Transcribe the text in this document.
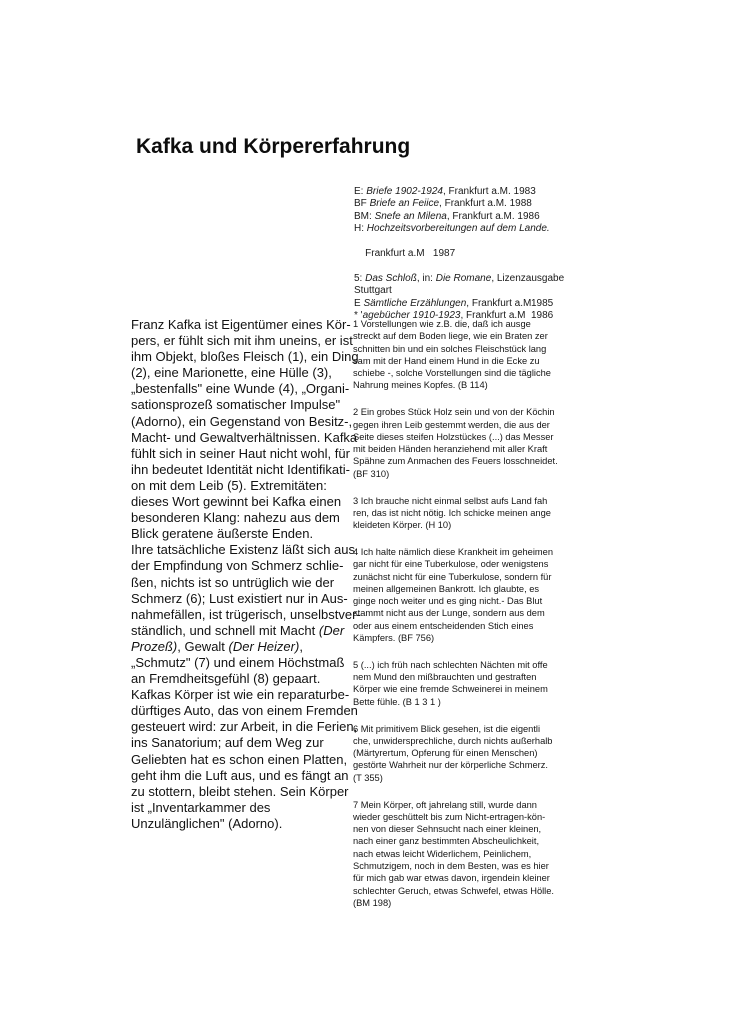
Kafka und Körpererfahrung
E: Briefe 1902-1924, Frankfurt a.M. 1983
BF Briefe an Feiice, Frankfurt a.M. 1988
BM: Snefe an Milena, Frankfurt a.M. 1986
H: Hochzeitsvorbereitungen auf dem Lande.

Frankfurt a.M   1987

5: Das Schloß, in: Die Romane, Lizenzausgabe
Stuttgart
E Sämtliche Erzählungen, Frankfurt a.M 1985
* 'agebücher 1910-1923, Frankfurt a.M 1986
Franz Kafka ist Eigentümer eines Kör-
pers, er fühlt sich mit ihm uneins, er ist
ihm Objekt, bloßes Fleisch (1), ein Ding
(2), eine Marionette, eine Hülle (3),
„bestenfalls" eine Wunde (4), „Organi-
sationsprozeß somatischer Impulse"
(Adorno), ein Gegenstand von Besitz-,
Macht- und Gewaltverhältnissen. Kafka
fühlt sich in seiner Haut nicht wohl, für
ihn bedeutet Identität nicht Identifikati-
on mit dem Leib (5). Extremitäten:
dieses Wort gewinnt bei Kafka einen
besonderen Klang: nahezu aus dem
Blick geratene äußerste Enden.
Ihre tatsächliche Existenz läßt sich aus
der Empfindung von Schmerz schlie-
ßen, nichts ist so untrüglich wie der
Schmerz (6); Lust existiert nur in Aus-
nahmefällen, ist trügerisch, unselbstver-
ständlich, und schnell mit Macht (Der
Prozeß), Gewalt (Der Heizer),
„Schmutz" (7) und einem Höchstmaß
an Fremdheitsgefühl (8) gepaart.
Kafkas Körper ist wie ein reparaturbe-
dürftiges Auto, das von einem Fremden
gesteuert wird: zur Arbeit, in die Ferien,
ins Sanatorium; auf dem Weg zur
Geliebten hat es schon einen Platten,
geht ihm die Luft aus, und es fängt an
zu stottern, bleibt stehen. Sein Körper
ist „Inventarkammer des
Unzulänglichen" (Adorno).
1 Vorstellungen wie z.B. die, daß ich ausge
streckt auf dem Boden liege, wie ein Braten zer
schnitten bin und ein solches Fleischstück lang
sam mit der Hand einem Hund in die Ecke zu
schiebe -, solche Vorstellungen sind die tägliche
Nahrung meines Kopfes. (B 114)
2 Ein grobes Stück Holz sein und von der Köchin
gegen ihren Leib gestemmt werden, die aus der
Seite dieses steifen Holzstückes (...) das Messer
mit beiden Händen heranziehend mit aller Kraft
Spähne zum Anmachen des Feuers losschneidet.
(BF 310)
3 Ich brauche nicht einmal selbst aufs Land fah
ren, das ist nicht nötig. Ich schicke meinen ange
kleideten Körper. (H 10)
4 Ich halte nämlich diese Krankheit im geheimen
gar nicht für eine Tuberkulose, oder wenigstens
zunächst nicht für eine Tuberkulose, sondern für
meinen allgemeinen Bankrott. Ich glaubte, es
ginge noch weiter und es ging nicht.- Das Blut
stammt nicht aus der Lunge, sondern aus dem
oder aus einem entscheidenden Stich eines
Kämpfers. (BF 756)
5 (...) ich früh nach schlechten Nächten mit offe
nem Mund den mißbrauchten und gestraften
Körper wie eine fremde Schweinerei in meinem
Bette fühle. (B 1 3 1 )
6 Mit primitivem Blick gesehen, ist die eigentli
che, unwidersprechliche, durch nichts außerhalb
(Märtyrertum, Opferung für einen Menschen)
gestörte Wahrheit nur der körperliche Schmerz.
(T 355)
7 Mein Körper, oft jahrelang still, wurde dann
wieder geschüttelt bis zum Nicht-ertragen-kön-
nen von dieser Sehnsucht nach einer kleinen,
nach einer ganz bestimmten Abscheulichkeit,
nach etwas leicht Widerlichem, Peinlichem,
Schmutzigem, noch in dem Besten, was es hier
für mich gab war etwas davon, irgendein kleiner
schlechter Geruch, etwas Schwefel, etwas Hölle.
(BM 198)
